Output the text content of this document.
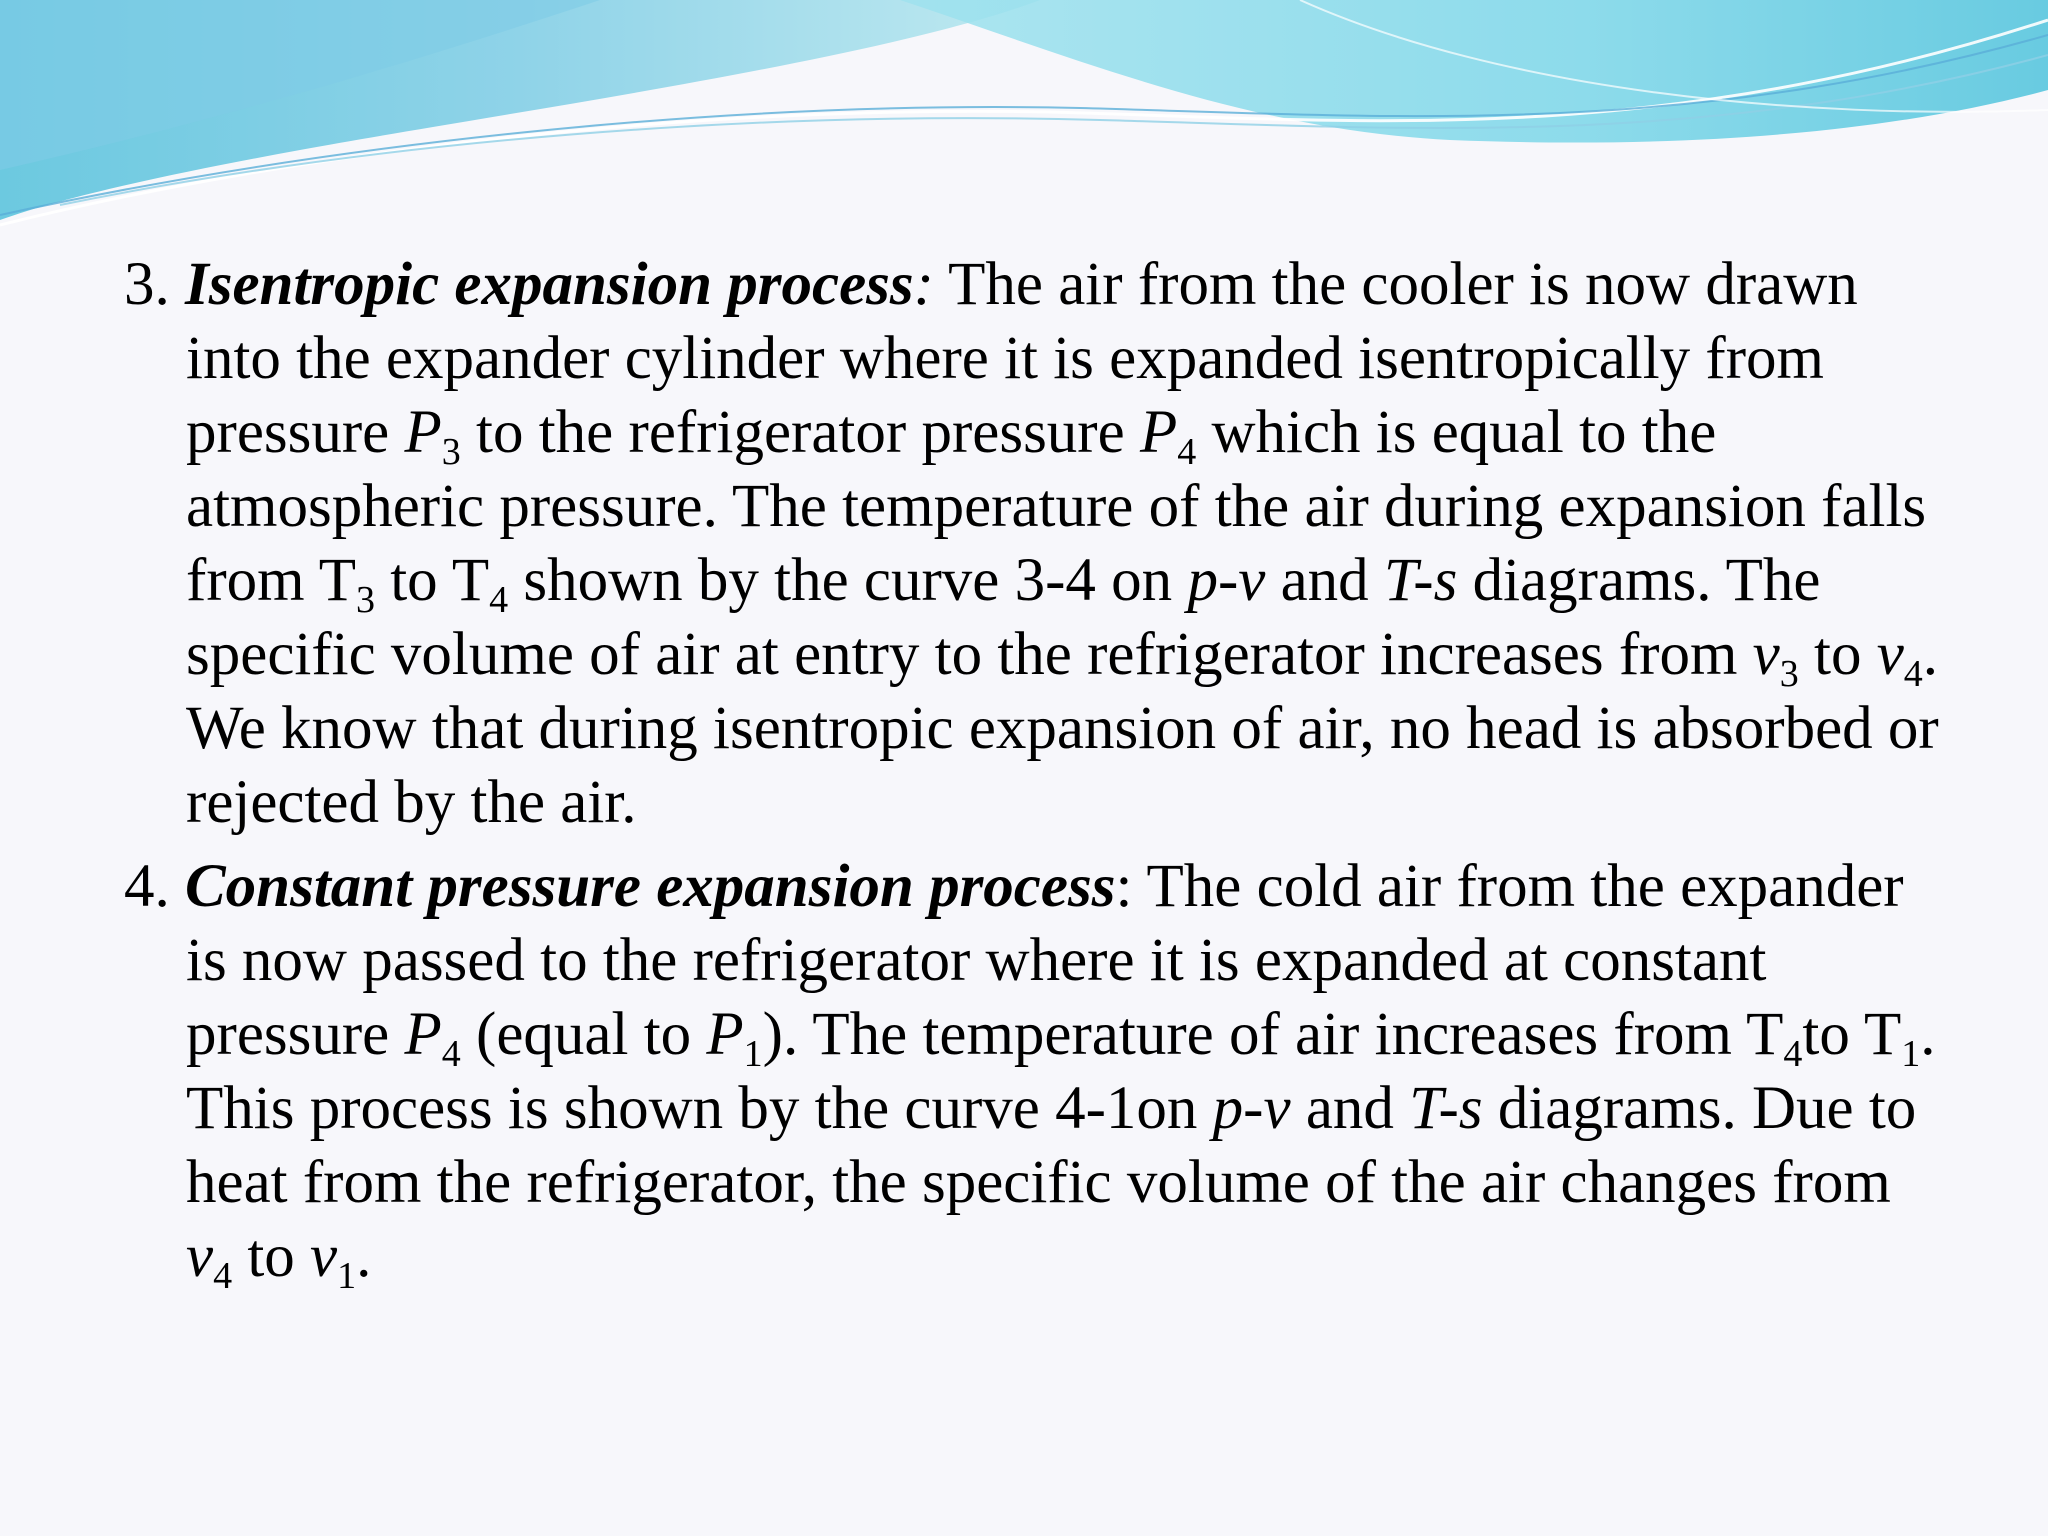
3. Isentropic expansion process: The air from the cooler is now drawn into the expander cylinder where it is expanded isentropically from pressure $P_3$ to the refrigerator pressure $P_4$ which is equal to the atmospheric pressure. The temperature of the air during expansion falls from $T_3$ to $T_4$ shown by the curve 3-4 on p-v and T-s diagrams. The specific volume of air at entry to the refrigerator increases from $v_3$ to $v_4$. We know that during isentropic expansion of air, no head is absorbed or rejected by the air.

4. Constant pressure expansion process: The cold air from the expander is now passed to the refrigerator where it is expanded at constant pressure $P_4$ (equal to $P_1$). The temperature of air increases from $T_4to$ $T_1$. This process is shown by the curve 4-1on p-v and T-s diagrams. Due to heat from the refrigerator, the specific volume of the air changes from $v_4$ to $v_1$.
